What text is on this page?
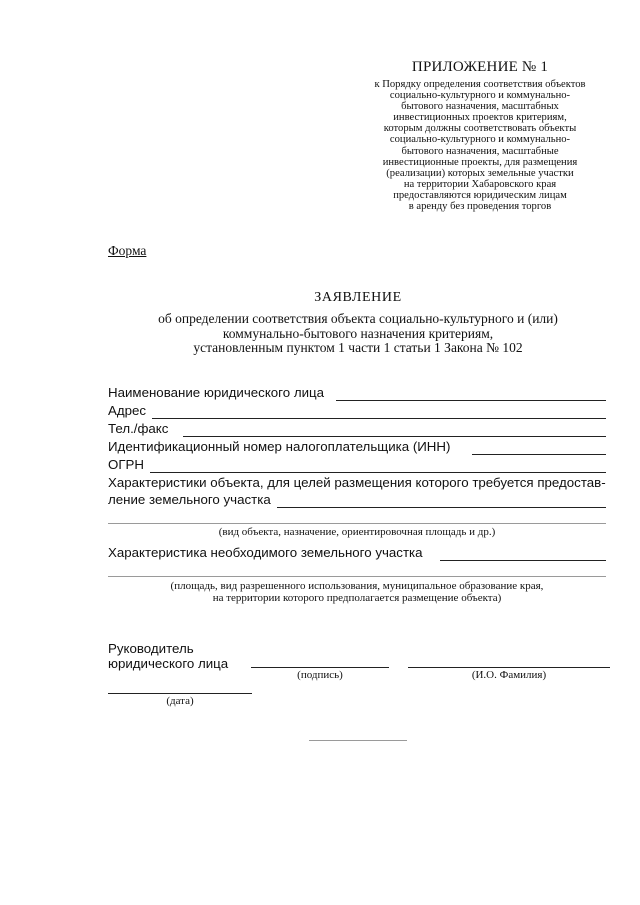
ПРИЛОЖЕНИЕ № 1
к Порядку определения соответствия объектов
социально-культурного и коммунально-
бытового назначения, масштабных
инвестиционных проектов критериям,
которым должны соответствовать объекты
социально-культурного и коммунально-
бытового назначения, масштабные
инвестиционные проекты, для размещения
(реализации) которых земельные участки
на территории Хабаровского края
предоставляются юридическим лицам
в аренду без проведения торгов
Форма
ЗАЯВЛЕНИЕ
об определении соответствия объекта социально-культурного и (или)
коммунально-бытового назначения критериям,
установленным пунктом 1 части 1 статьи 1 Закона № 102
Наименование юридического лица
Адрес
Тел./факс
Идентификационный номер налогоплательщика (ИНН)
ОГРН
Характеристики объекта, для целей размещения которого требуется предостав-
ление земельного участка
(вид объекта, назначение, ориентировочная площадь и др.)
Характеристика необходимого земельного участка
(площадь, вид разрешенного использования, муниципальное образование края,
на территории которого предполагается размещение объекта)
Руководитель
юридического лица
(подпись)	(И.О. Фамилия)
(дата)
